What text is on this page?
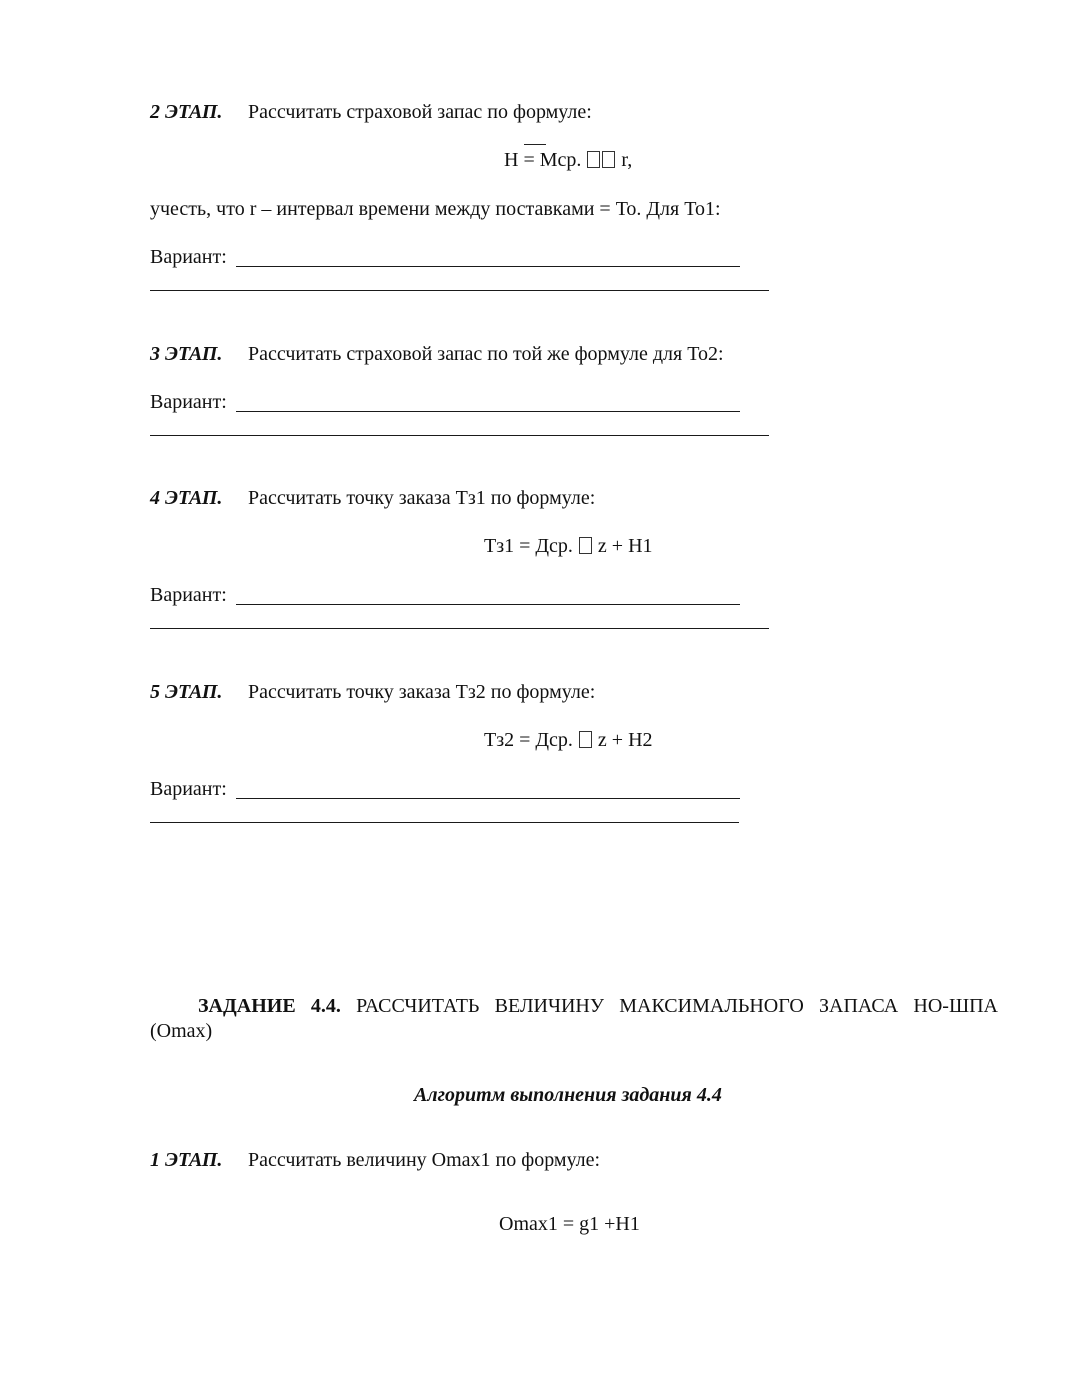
2 ЭТАП. Рассчитать страховой запас по формуле:
Н = Мср. r,
учесть, что r – интервал времени между поставками = То. Для То1:
Вариант:
3 ЭТАП. Рассчитать страховой запас по той же формуле для То2:
Вариант:
4 ЭТАП. Рассчитать точку заказа Тз1 по формуле:
Тз1 = Дср. z + Н1
Вариант:
5 ЭТАП. Рассчитать точку заказа Тз2 по формуле:
Тз2 = Дср. z + Н2
Вариант:
ЗАДАНИЕ 4.4. РАССЧИТАТЬ ВЕЛИЧИНУ МАКСИМАЛЬНОГО ЗАПАСА НО-ШПА
(Omax)
Алгоритм выполнения задания 4.4
1 ЭТАП. Рассчитать величину Omax1 по формуле:
Omax1 = g1 +Н1
